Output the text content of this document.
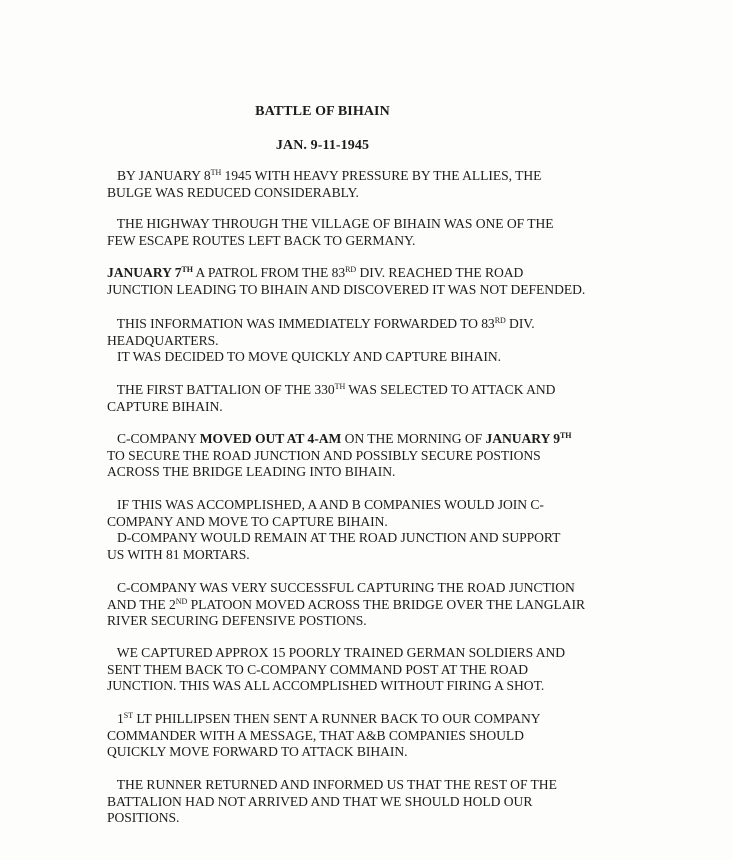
BATTLE OF BIHAIN
JAN. 9-11-1945
BY JANUARY 8TH 1945 WITH HEAVY PRESSURE BY THE ALLIES, THE
BULGE WAS REDUCED CONSIDERABLY.
THE HIGHWAY THROUGH THE VILLAGE OF BIHAIN WAS ONE OF THE
FEW ESCAPE ROUTES LEFT BACK TO GERMANY.
JANUARY 7TH A PATROL FROM THE 83RD DIV. REACHED THE ROAD
JUNCTION LEADING TO BIHAIN AND DISCOVERED IT WAS NOT DEFENDED.
THIS INFORMATION WAS IMMEDIATELY FORWARDED TO 83RD DIV.
HEADQUARTERS.
IT WAS DECIDED TO MOVE QUICKLY AND CAPTURE BIHAIN.
THE FIRST BATTALION OF THE 330TH WAS SELECTED TO ATTACK AND
CAPTURE BIHAIN.
C-COMPANY MOVED OUT AT 4-AM ON THE MORNING OF JANUARY 9TH
TO SECURE THE ROAD JUNCTION AND POSSIBLY SECURE POSTIONS
ACROSS THE BRIDGE LEADING INTO BIHAIN.
IF THIS WAS ACCOMPLISHED, A AND B COMPANIES WOULD JOIN C-
COMPANY AND MOVE TO CAPTURE BIHAIN.
D-COMPANY WOULD REMAIN AT THE ROAD JUNCTION AND SUPPORT
US WITH 81 MORTARS.
C-COMPANY WAS VERY SUCCESSFUL CAPTURING THE ROAD JUNCTION
AND THE 2ND PLATOON MOVED ACROSS THE BRIDGE OVER THE LANGLAIR
RIVER SECURING DEFENSIVE POSTIONS.
WE CAPTURED APPROX 15 POORLY TRAINED GERMAN SOLDIERS AND
SENT THEM BACK TO C-COMPANY COMMAND POST AT THE ROAD
JUNCTION. THIS WAS ALL ACCOMPLISHED WITHOUT FIRING A SHOT.
1ST LT PHILLIPSEN THEN SENT A RUNNER BACK TO OUR COMPANY
COMMANDER WITH A MESSAGE, THAT A&B COMPANIES SHOULD
QUICKLY MOVE FORWARD TO ATTACK BIHAIN.
THE RUNNER RETURNED AND INFORMED US THAT THE REST OF THE
BATTALION HAD NOT ARRIVED AND THAT WE SHOULD HOLD OUR
POSITIONS.
